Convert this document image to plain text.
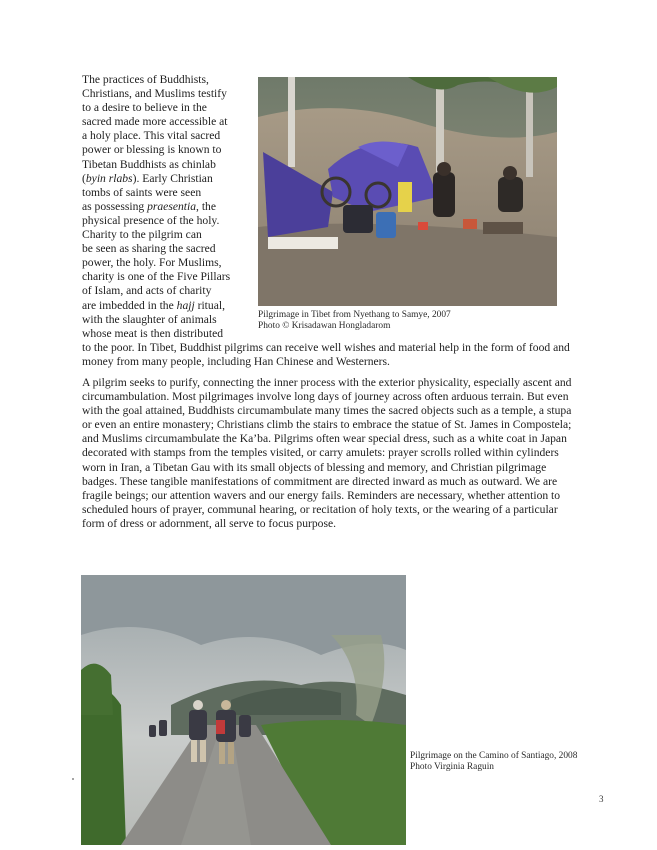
The practices of Buddhists,
Christians, and Muslims testify
to a desire to believe in the
sacred made more accessible at
a holy place. This vital sacred
power or blessing is known to
Tibetan Buddhists as chinlab
(byin rlabs). Early Christian
tombs of saints were seen
as possessing praesentia, the
physical presence of the holy.
Charity to the pilgrim can
be seen as sharing the sacred
power, the holy. For Muslims,
charity is one of the Five Pillars
of Islam, and acts of charity
are imbedded in the hajj ritual,
with the slaughter of animals
whose meat is then distributed
Pilgrimage in Tibet from Nyethang to Samye, 2007
Photo © Krisadawan Hongladarom
to the poor. In Tibet, Buddhist pilgrims can receive well wishes and material help in the form of food and
money from many people, including Han Chinese and Westerners.
A pilgrim seeks to purify, connecting the inner process with the exterior physicality, especially ascent and
circumambulation. Most pilgrimages involve long days of journey across often arduous terrain. But even
with the goal attained, Buddhists circumambulate many times the sacred objects such as a temple, a stupa
or even an entire monastery; Christians climb the stairs to embrace the statue of St. James in Compostela;
and Muslims circumambulate the Ka’ba. Pilgrims often wear special dress, such as a white coat in Japan
decorated with stamps from the temples visited, or carry amulets: prayer scrolls rolled within cylinders
worn in Iran, a Tibetan Gau with its small objects of blessing and memory, and Christian pilgrimage
badges. These tangible manifestations of commitment are directed inward as much as outward. We are
fragile beings; our attention wavers and our energy fails. Reminders are necessary, whether attention to
scheduled hours of prayer, communal hearing, or recitation of holy texts, or the wearing of a particular
form of dress or adornment, all serve to focus purpose.
Pilgrimage on the Camino of Santiago, 2008
Photo Virginia Raguin
3
